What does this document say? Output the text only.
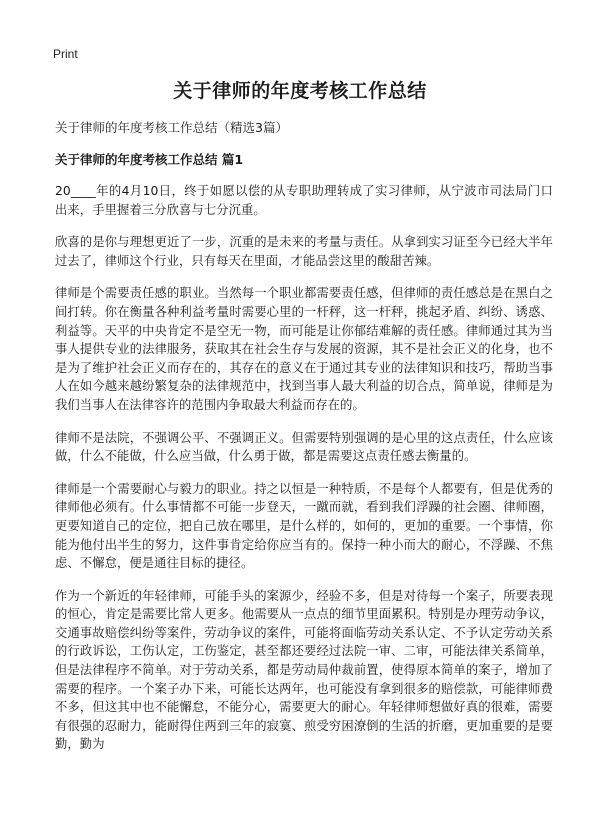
Print
关于律师的年度考核工作总结
关于律师的年度考核工作总结（精选3篇）
关于律师的年度考核工作总结 篇1

20____年的4月10日，终于如愿以偿的从专职助理转成了实习律师，从宁波市司法局门口出来，手里握着三分欣喜与七分沉重。

欣喜的是你与理想更近了一步，沉重的是未来的考量与责任。从拿到实习证至今已经大半年过去了，律师这个行业，只有每天在里面，才能品尝这里的酸甜苦辣。

律师是个需要责任感的职业。当然每一个职业都需要责任感，但律师的责任感总是在黑白之间打转。你在衡量各种利益考量时需要心里的一杆秤，这一杆秤，挑起矛盾、纠纷、诱惑、利益等。天平的中央肯定不是空无一物，而可能是让你郁结难解的责任感。律师通过其为当事人提供专业的法律服务，获取其在社会生存与发展的资源，其不是社会正义的化身，也不是为了维护社会正义而存在的，其存在的意义在于通过其专业的法律知识和技巧，帮助当事人在如今越来越纷繁复杂的法律规范中，找到当事人最大利益的切合点，简单说，律师是为我们当事人在法律容许的范围内争取最大利益而存在的。

律师不是法院，不强调公平、不强调正义。但需要特别强调的是心里的这点责任，什么应该做，什么不能做，什么应当做，什么勇于做，都是需要这点责任感去衡量的。

律师是一个需要耐心与毅力的职业。持之以恒是一种特质，不是每个人都要有，但是优秀的律师他必须有。什么事情都不可能一步登天，一蹴而就，看到我们浮躁的社会圈、律师圈，更要知道自己的定位，把自己放在哪里，是什么样的，如何的，更加的重要。一个事情，你能为他付出半生的努力，这件事肯定给你应当有的。保持一种小而大的耐心，不浮躁、不焦虑、不懈怠，便是通往目标的捷径。

作为一个新近的年轻律师，可能手头的案源少，经验不多，但是对待每一个案子，所要表现的恒心，肯定是需要比常人更多。他需要从一点点的细节里面累积。特别是办理劳动争议，交通事故赔偿纠纷等案件，劳动争议的案件，可能将面临劳动关系认定、不予认定劳动关系的行政诉讼，工伤认定，工伤鉴定，甚至都还要经过法院一审、二审，可能法律关系简单，但是法律程序不简单。对于劳动关系，都是劳动局仲裁前置，使得原本简单的案子，增加了需要的程序。一个案子办下来，可能长达两年，也可能没有拿到很多的赔偿款，可能律师费不多，但这其中也不能懈怠，不能分心，需要更大的耐心。年轻律师想做好真的很难，需要有很强的忍耐力，能耐得住两到三年的寂寞、煎受穷困潦倒的生活的折磨，更加重要的是要勤，勤为
